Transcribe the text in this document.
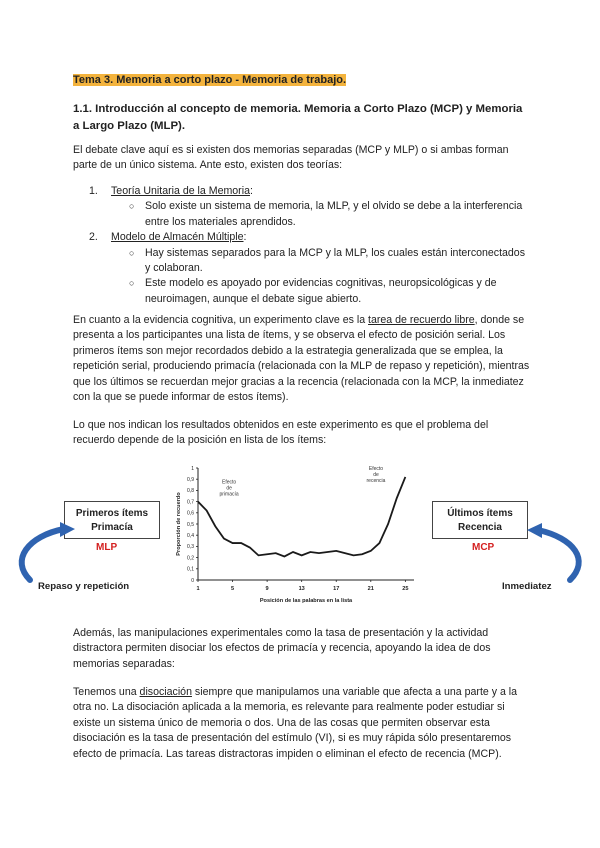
Tema 3. Memoria a corto plazo - Memoria de trabajo.

1.1. Introducción al concepto de memoria. Memoria a Corto Plazo (MCP) y Memoria a Largo Plazo (MLP).

El debate clave aquí es si existen dos memorias separadas (MCP y MLP) o si ambas forman parte de un único sistema. Ante esto, existen dos teorías:

1. Teoría Unitaria de la Memoria:
○ Solo existe un sistema de memoria, la MLP, y el olvido se debe a la interferencia entre los materiales aprendidos.
2. Modelo de Almacén Múltiple:
○ Hay sistemas separados para la MCP y la MLP, los cuales están interconectados y colaboran.
○ Este modelo es apoyado por evidencias cognitivas, neuropsicológicas y de neuroimagen, aunque el debate sigue abierto.

En cuanto a la evidencia cognitiva, un experimento clave es la tarea de recuerdo libre, donde se presenta a los participantes una lista de ítems, y se observa el efecto de posición serial. Los primeros ítems son mejor recordados debido a la estrategia generalizada que se emplea, la repetición serial, produciendo primacía (relacionada con la MLP de repaso y repetición), mientras que los últimos se recuerdan mejor gracias a la recencia (relacionada con la MCP, la inmediatez con la que se puede informar de estos ítems).

Lo que nos indican los resultados obtenidos en este experimento es que el problema del recuerdo depende de la posición en lista de los ítems:

Primeros ítems
Primacía
MLP
Últimos ítems
Recencia
MCP
Repaso y repetición	Inmediatez
0
0,1
0,2
0,3
0,4
0,5
0,6
0,7
0,8
0,9
1
1	5	9	13	17	21	25
Efecto
de
primacía
Efecto
de
recencia
Posición de las palabras en la lista
Proporción de recuerdo

Además, las manipulaciones experimentales como la tasa de presentación y la actividad distractora permiten disociar los efectos de primacía y recencia, apoyando la idea de dos memorias separadas:

Tenemos una disociación siempre que manipulamos una variable que afecta a una parte y a la otra no. La disociación aplicada a la memoria, es relevante para realmente poder estudiar si existe un sistema único de memoria o dos. Una de las cosas que permiten observar esta disociación es la tasa de presentación del estímulo (VI), si es muy rápida sólo presentaremos efecto de primacía. Las tareas distractoras impiden o eliminan el efecto de recencia (MCP).
